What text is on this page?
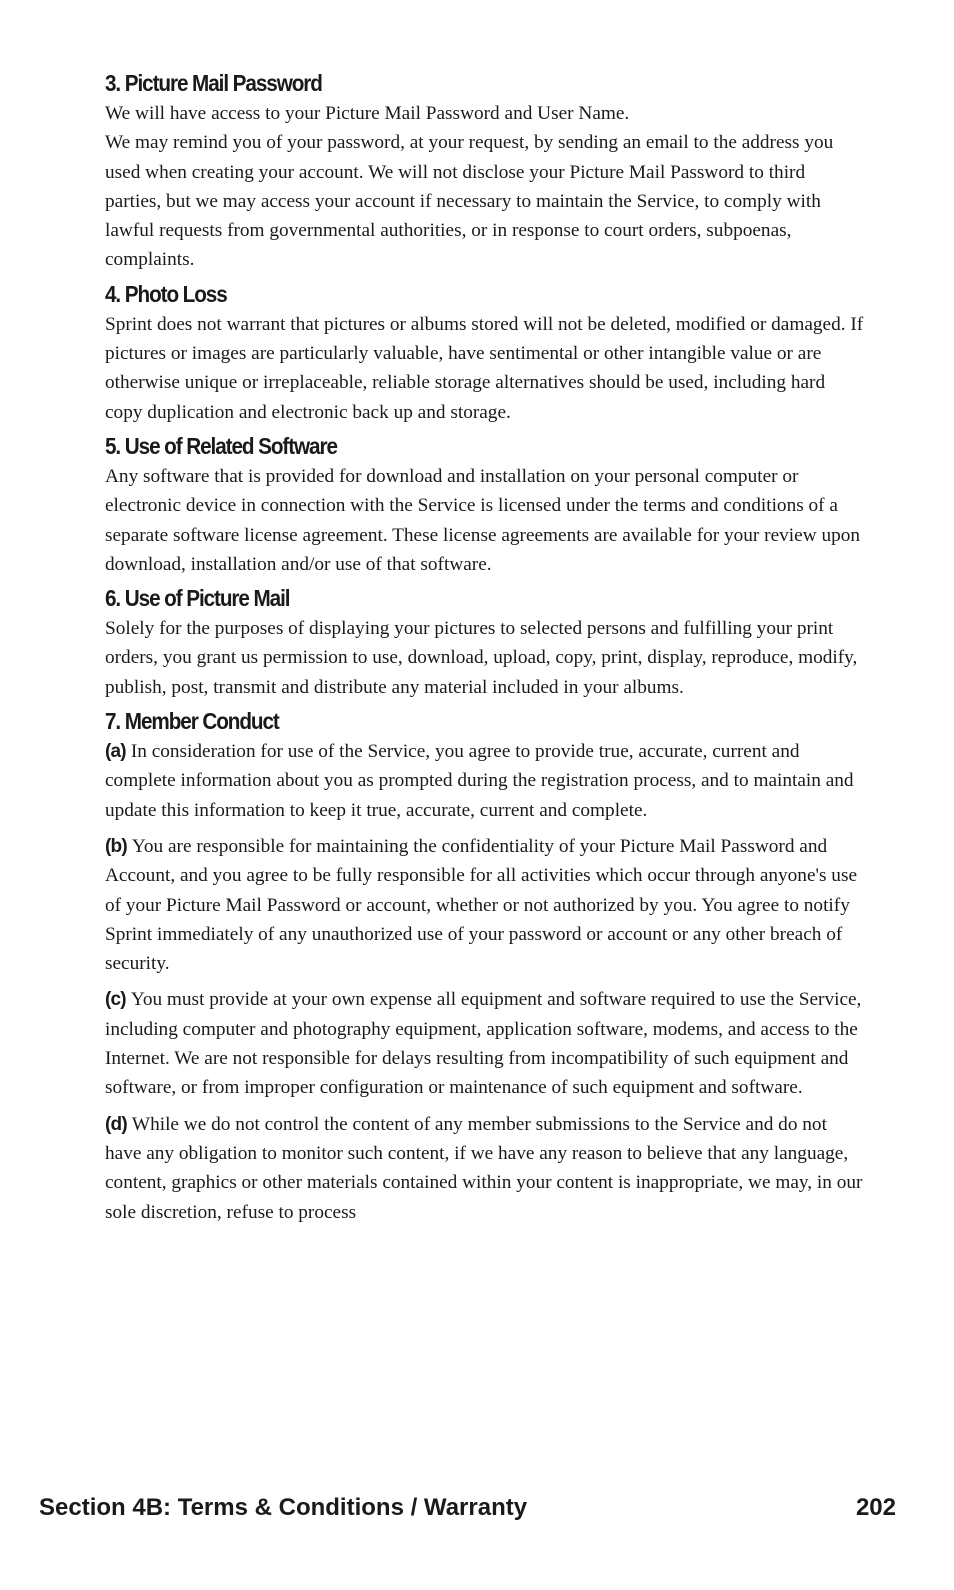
3. Picture Mail Password

We will have access to your Picture Mail Password and User Name.

We may remind you of your password, at your request, by sending an email to the address you used when creating your account. We will not disclose your Picture Mail Password to third parties, but we may access your account if necessary to maintain the Service, to comply with lawful requests from governmental authorities, or in response to court orders, subpoenas, complaints.

4. Photo Loss

Sprint does not warrant that pictures or albums stored will not be deleted, modified or damaged. If pictures or images are particularly valuable, have sentimental or other intangible value or are otherwise unique or irreplaceable, reliable storage alternatives should be used, including hard copy duplication and electronic back up and storage.

5. Use of Related Software

Any software that is provided for download and installation on your personal computer or electronic device in connection with the Service is licensed under the terms and conditions of a separate software license agreement. These license agreements are available for your review upon download, installation and/or use of that software.

6. Use of Picture Mail

Solely for the purposes of displaying your pictures to selected persons and fulfilling your print orders, you grant us permission to use, download, upload, copy, print, display, reproduce, modify, publish, post, transmit and distribute any material included in your albums.

7. Member Conduct

(a) In consideration for use of the Service, you agree to provide true, accurate, current and complete information about you as prompted during the registration process, and to maintain and update this information to keep it true, accurate, current and complete.

(b) You are responsible for maintaining the confidentiality of your Picture Mail Password and Account, and you agree to be fully responsible for all activities which occur through anyone's use of your Picture Mail Password or account, whether or not authorized by you. You agree to notify Sprint immediately of any unauthorized use of your password or account or any other breach of security.

(c) You must provide at your own expense all equipment and software required to use the Service, including computer and photography equipment, application software, modems, and access to the Internet. We are not responsible for delays resulting from incompatibility of such equipment and software, or from improper configuration or maintenance of such equipment and software.

(d) While we do not control the content of any member submissions to the Service and do not have any obligation to monitor such content, if we have any reason to believe that any language, content, graphics or other materials contained within your content is inappropriate, we may, in our sole discretion, refuse to process

Section 4B: Terms & Conditions / Warranty	202
